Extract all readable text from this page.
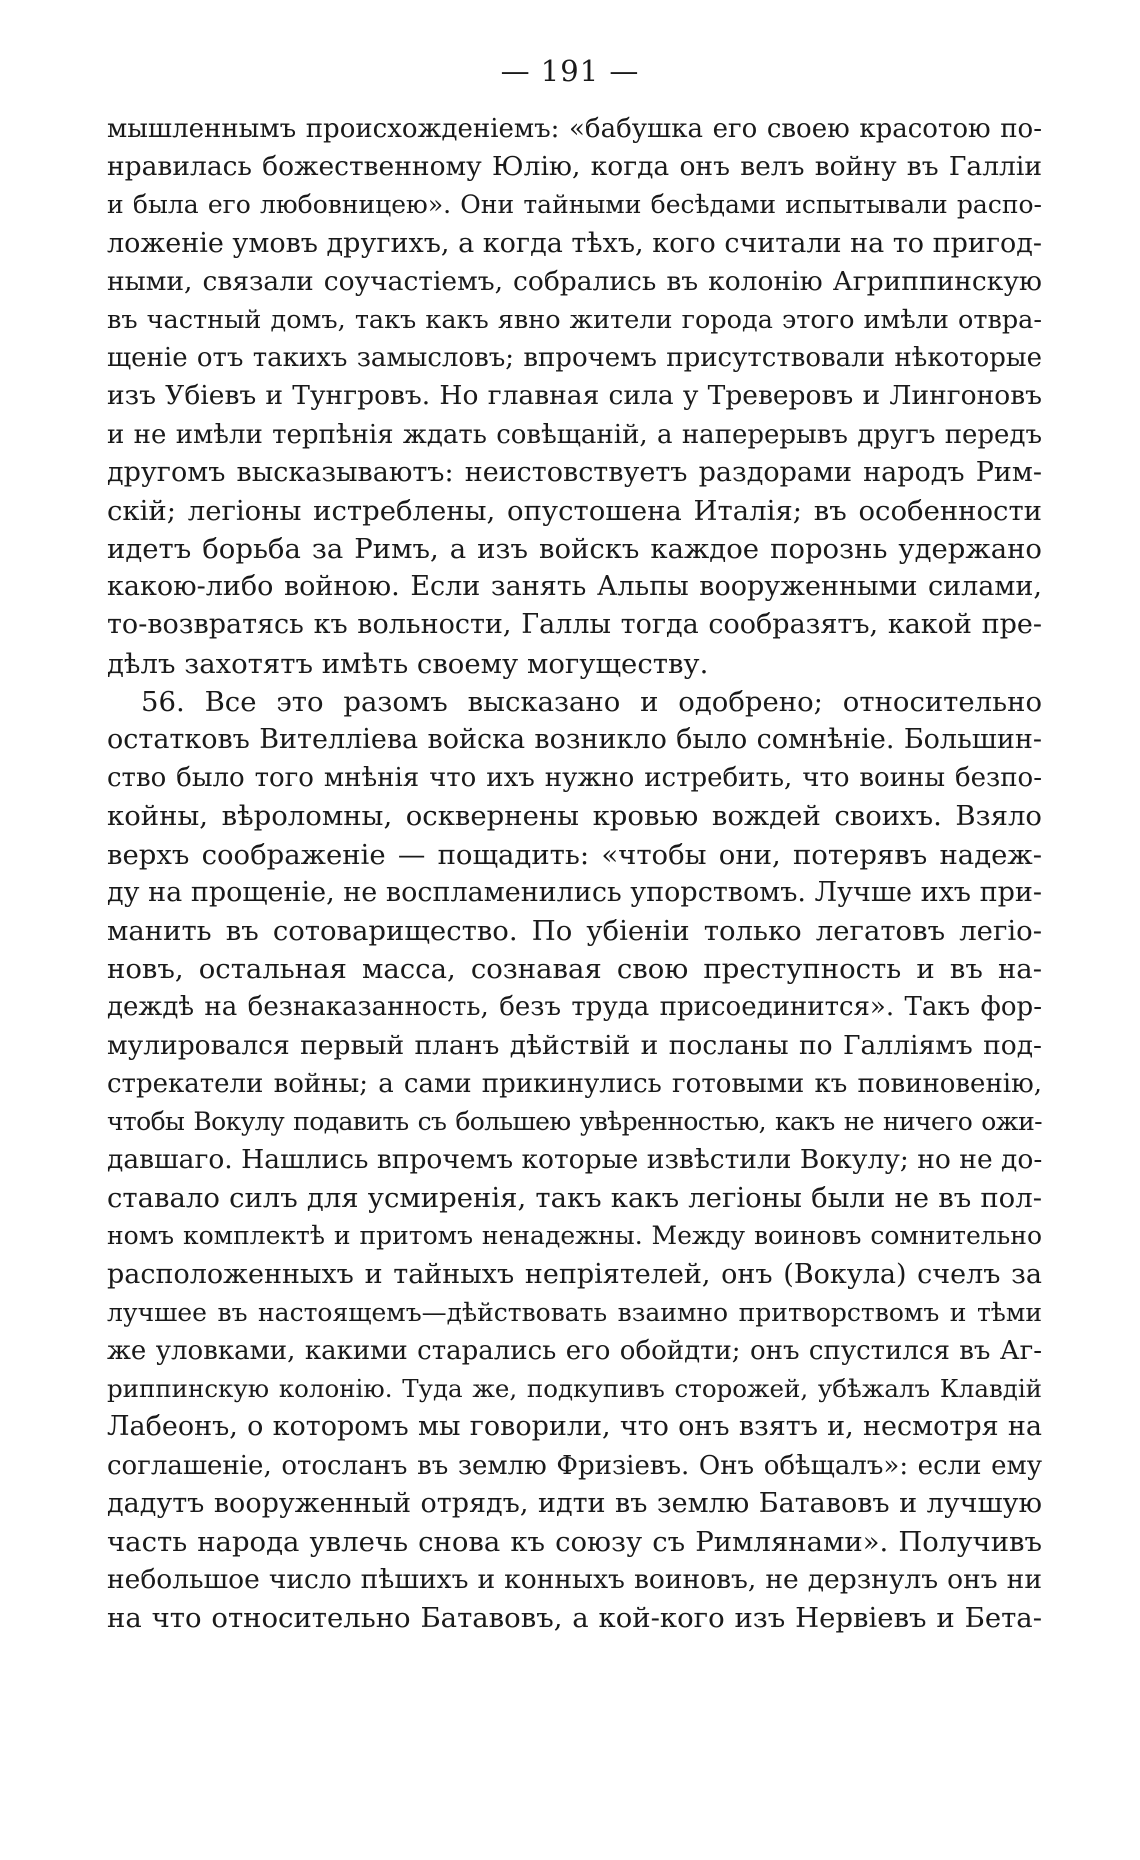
— 191 —
мышленнымъ происхожденіемъ: «бабушка его своею красотою по-
нравилась божественному Юлію, когда онъ велъ войну въ Галліи
и была его любовницею». Они тайными бесѣдами испытывали распо-
ложеніе умовъ другихъ, а когда тѣхъ, кого считали на то пригод-
ными, связали соучастіемъ, собрались въ колонію Агриппинскую
въ частный домъ, такъ какъ явно жители города этого имѣли отвра-
щеніе отъ такихъ замысловъ; впрочемъ присутствовали нѣкоторые
изъ Убіевъ и Тунгровъ. Но главная сила у Треверовъ и Лингоновъ
и не имѣли терпѣнія ждать совѣщаній, а наперерывъ другъ передъ
другомъ высказываютъ: неистовствуетъ раздорами народъ Рим-
скій; легіоны истреблены, опустошена Италія; въ особенности
идетъ борьба за Римъ, а изъ войскъ каждое порознь удержано
какою-либо войною. Если занять Альпы вооруженными силами,
то-возвратясь къ вольности, Галлы тогда сообразятъ, какой пре-
дѣлъ захотятъ имѣть своему могуществу.
56. Все это разомъ высказано и одобрено; относительно
остатковъ Вителліева войска возникло было сомнѣніе. Большин-
ство было того мнѣнія что ихъ нужно истребить, что воины безпо-
койны, вѣроломны, осквернены кровью вождей своихъ. Взяло
верхъ соображеніе — пощадить: «чтобы они, потерявъ надеж-
ду на прощеніе, не воспламенились упорствомъ. Лучше ихъ при-
манить въ сотоварищество. По убіеніи только легатовъ легіо-
новъ, остальная масса, сознавая свою преступность и въ на-
деждѣ на безнаказанность, безъ труда присоединится». Такъ фор-
мулировался первый планъ дѣйствій и посланы по Галліямъ под-
стрекатели войны; а сами прикинулись готовыми къ повиновенію,
чтобы Вокулу подавить съ большею увѣренностью, какъ не ничего ожи-
давшаго. Нашлись впрочемъ которые извѣстили Вокулу; но не до-
ставало силъ для усмиренія, такъ какъ легіоны были не въ пол-
номъ комплектѣ и притомъ ненадежны. Между воиновъ сомнительно
расположенныхъ и тайныхъ непріятелей, онъ (Вокула) счелъ за
лучшее въ настоящемъ—дѣйствовать взаимно притворствомъ и тѣми
же уловками, какими старались его обойдти; онъ спустился въ Аг-
риппинскую колонію. Туда же, подкупивъ сторожей, убѣжалъ Клавдій
Лабеонъ, о которомъ мы говорили, что онъ взятъ и, несмотря на
соглашеніе, отосланъ въ землю Фризіевъ. Онъ обѣщалъ»: если ему
дадутъ вооруженный отрядъ, идти въ землю Батавовъ и лучшую
часть народа увлечь снова къ союзу съ Римлянами». Получивъ
небольшое число пѣшихъ и конныхъ воиновъ, не дерзнулъ онъ ни
на что относительно Батавовъ, а кой-кого изъ Нервіевъ и Бета-
